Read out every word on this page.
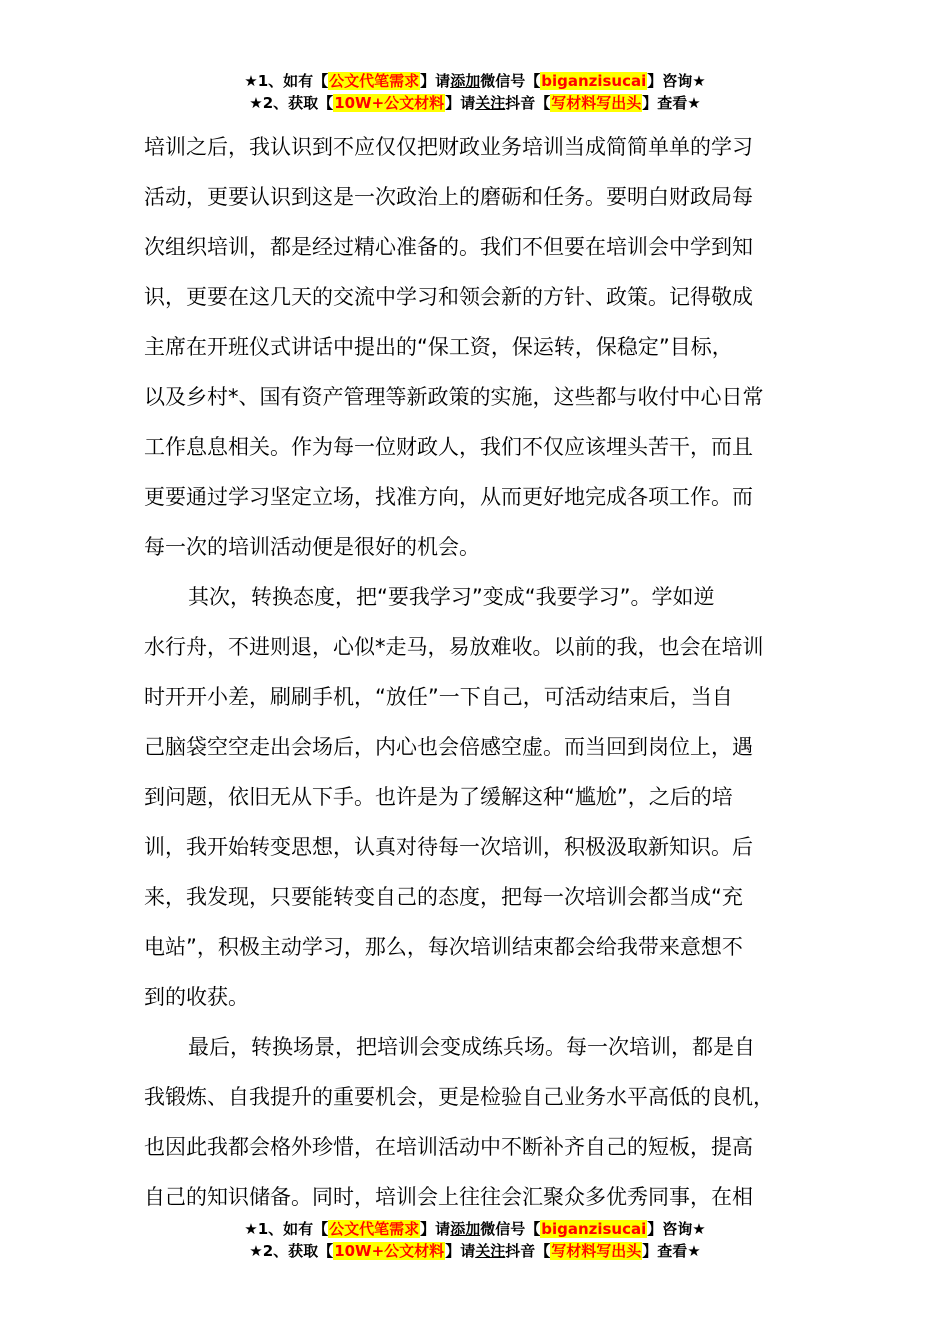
★1、如有【公文代笔需求】请添加微信号【biganzisucai】咨询★
★2、获取【10W+公文材料】请关注抖音【写材料写出头】查看★
培训之后，我认识到不应仅仅把财政业务培训当成简简单单的学习
活动，更要认识到这是一次政治上的磨砺和任务。要明白财政局每
次组织培训，都是经过精心准备的。我们不但要在培训会中学到知
识，更要在这几天的交流中学习和领会新的方针、政策。记得敬成
主席在开班仪式讲话中提出的“保工资，保运转，保稳定”目标，
以及乡村*、国有资产管理等新政策的实施，这些都与收付中心日常
工作息息相关。作为每一位财政人，我们不仅应该埋头苦干，而且
更要通过学习坚定立场，找准方向，从而更好地完成各项工作。而
每一次的培训活动便是很好的机会。
其次，转换态度，把“要我学习”变成“我要学习”。学如逆
水行舟，不进则退，心似*走马，易放难收。以前的我，也会在培训
时开开小差，刷刷手机，“放任”一下自己，可活动结束后，当自
己脑袋空空走出会场后，内心也会倍感空虚。而当回到岗位上，遇
到问题，依旧无从下手。也许是为了缓解这种“尴尬”，之后的培
训，我开始转变思想，认真对待每一次培训，积极汲取新知识。后
来，我发现，只要能转变自己的态度，把每一次培训会都当成“充
电站”，积极主动学习，那么，每次培训结束都会给我带来意想不
到的收获。
最后，转换场景，把培训会变成练兵场。每一次培训，都是自
我锻炼、自我提升的重要机会，更是检验自己业务水平高低的良机，
也因此我都会格外珍惜，在培训活动中不断补齐自己的短板，提高
自己的知识储备。同时，培训会上往往会汇聚众多优秀同事，在相
★1、如有【公文代笔需求】请添加微信号【biganzisucai】咨询★
★2、获取【10W+公文材料】请关注抖音【写材料写出头】查看★
